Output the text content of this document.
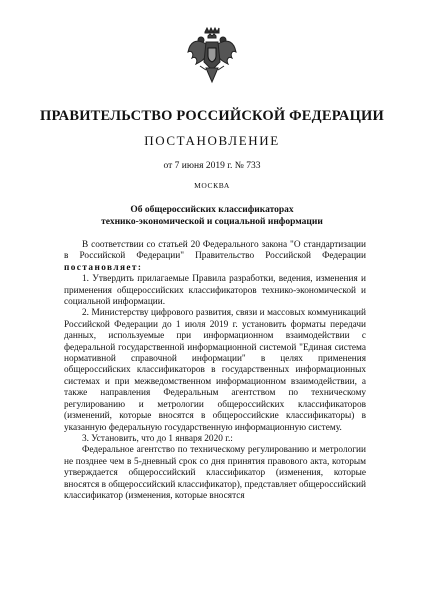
ПРАВИТЕЛЬСТВО РОССИЙСКОЙ ФЕДЕРАЦИИ
ПОСТАНОВЛЕНИЕ
от 7 июня 2019 г. № 733
МОСКВА
Об общероссийских классификаторах
технико-экономической и социальной информации

В соответствии со статьей 20 Федерального закона "О стандартизации в Российской Федерации" Правительство Российской Федерации постановляет:

1. Утвердить прилагаемые Правила разработки, ведения, изменения и применения общероссийских классификаторов технико-экономической и социальной информации.

2. Министерству цифрового развития, связи и массовых коммуникаций Российской Федерации до 1 июля 2019 г. установить форматы передачи данных, используемые при информационном взаимодействии с федеральной государственной информационной системой "Единая система нормативной справочной информации" в целях применения общероссийских классификаторов в государственных информационных системах и при межведомственном информационном взаимодействии, а также направления Федеральным агентством по техническому регулированию и метрологии общероссийских классификаторов (изменений, которые вносятся в общероссийские классификаторы) в указанную федеральную государственную информационную систему.

3. Установить, что до 1 января 2020 г.:

Федеральное агентство по техническому регулированию и метрологии не позднее чем в 5-дневный срок со дня принятия правового акта, которым утверждается общероссийский классификатор (изменения, которые вносятся в общероссийский классификатор), представляет общероссийский классификатор (изменения, которые вносятся
